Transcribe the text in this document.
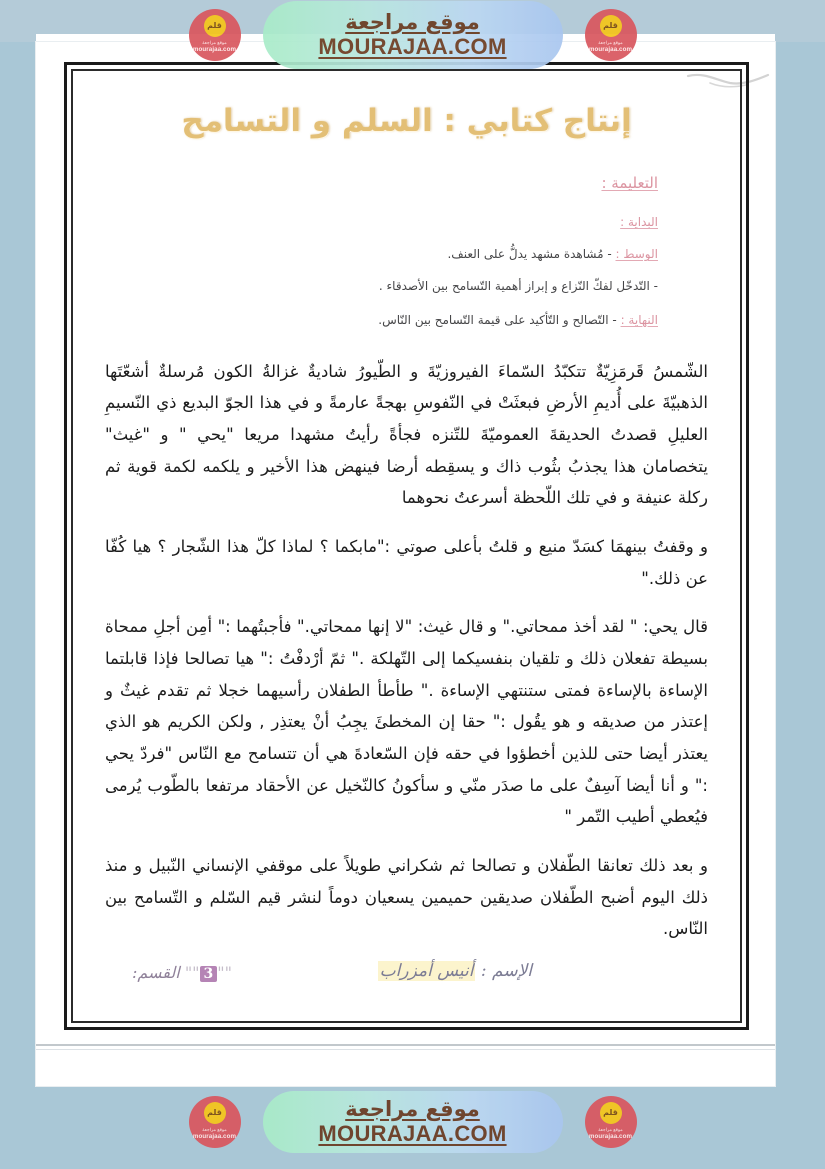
إنتاج كتابي : السلم و التسامح
التعليمة :
البداية :
الوسط : - مُشاهدة مشهد يدلُّ على العنف.
- التّدخّل لفكّ النّزاع و إبراز أهمية التّسامح بين الأصدقاء .
النهاية : - التّصالح و التّأكيد على قيمة التّسامح بين النّاس.

الشّمسُ قَرمَزِيّةٌ تتكبّدُ السّماءَ الفيروزيّةَ و الطّيورُ شاديةٌ غزالةُ الكون مُرسلةٌ أشعّتَها الذهبيّةَ على أُديمِ الأرضِ فبعثَتْ في النّفوسِ بهجةً عارمةً و في هذا الجوّ البديع ذي النّسيمِ العليلِ قصدتُ الحديقةَ العموميّةَ للتّنزه فجأةً رأيتُ مشهدا مريعا "يحي " و "غيث" يتخصامان هذا يجذبُ بثُوب ذاك و يسقِطه أرضا فينهض هذا الأخير و يلكمه لكمة قوية ثم ركلة عنيفة و في تلك اللّحظة أسرعتُ نحوهما

و وقفتُ بينهمَا كسَدّ منيع و قلتُ بأعلى صوتي :"مابكما ؟ لماذا كلّ هذا الشّجار ؟ هيا كُفّا عن ذلك."

قال يحي: " لقد أخذ ممحاتي." و قال غيث: "لا إنها ممحاتي." فأجبتُهما :" أمِن أجلِ ممحاة بسيطة تفعلان ذلك و تلقيان بنفسيكما إلى التّهلكة ." ثمّ أرْدفْتُ :" هيا تصالحا فإذا قابلتما الإساءة بالإساءة فمتى ستنتهي الإساءة ." طأطأ الطفلان رأسيهما خجلا ثم تقدم غيثٌ و إعتذر من صديقه و هو يقُول :" حقا إن المخطئَ يجِبُ أنْ يعتذِر , ولكن الكريم هو الذي يعتذر أيضا حتى للذين أخطؤوا في حقه فإن السّعادةَ هي أن تتسامح مع النّاس "فردّ يحي :" و أنا أيضا آسِفٌ على ما صدَر منّي و سأكونُ كالنّخيل عن الأحقاد مرتفعا بالطّوب يُرمى فيُعطي أطيب التّمر "

و بعد ذلك تعانقا الطّفلان و تصالحا ثم شكراني طويلاً على موقفي الإنساني النّبيل و منذ ذلك اليوم أضبح الطّفلان صديقين حميمين يسعيان دوماً لنشر قيم السّلم و التّسامح بين النّاس.

الإسم : أنيس أمزراب
""3"" القسم:
قلم
موقع مراجعة
mourajaa.com
موقع مراجعة
MOURAJAA.COM
قلم
موقع مراجعة
mourajaa.com
قلم
موقع مراجعة
mourajaa.com
موقع مراجعة
MOURAJAA.COM
قلم
موقع مراجعة
mourajaa.com
